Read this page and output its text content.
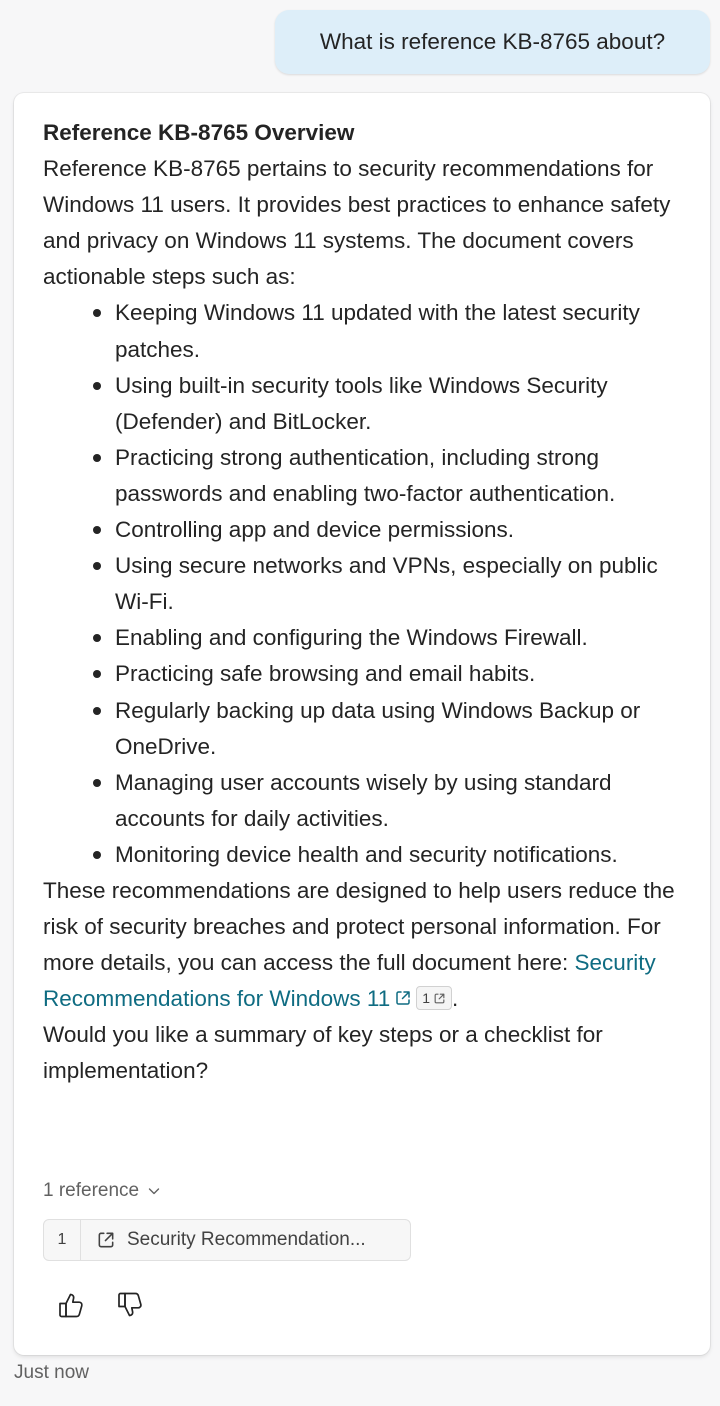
What is reference KB-8765 about?
Reference KB-8765 Overview

Reference KB-8765 pertains to security recommendations for Windows 11 users. It provides best practices to enhance safety and privacy on Windows 11 systems. The document covers actionable steps such as:

Keeping Windows 11 updated with the latest security patches.
Using built-in security tools like Windows Security (Defender) and BitLocker.
Practicing strong authentication, including strong passwords and enabling two-factor authentication.
Controlling app and device permissions.
Using secure networks and VPNs, especially on public Wi-Fi.
Enabling and configuring the Windows Firewall.
Practicing safe browsing and email habits.
Regularly backing up data using Windows Backup or OneDrive.
Managing user accounts wisely by using standard accounts for daily activities.
Monitoring device health and security notifications.

These recommendations are designed to help users reduce the risk of security breaches and protect personal information. For more details, you can access the full document here: Security Recommendations for Windows 11 1 .

Would you like a summary of key steps or a checklist for implementation?

1 reference
1	Security Recommendation...
Just now
